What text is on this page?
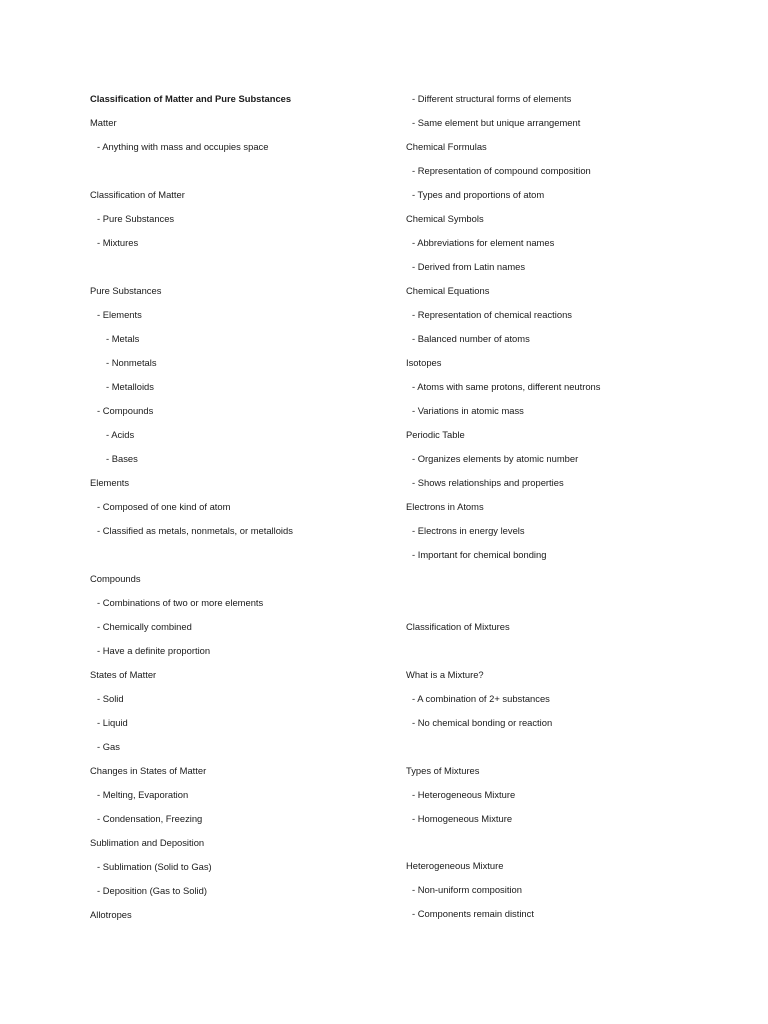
Classification of Matter and Pure Substances
Matter
- Anything with mass and occupies space
Classification of Matter
- Pure Substances
- Mixtures
Pure Substances
- Elements
- Metals
- Nonmetals
- Metalloids
- Compounds
- Acids
- Bases
Elements
- Composed of one kind of atom
- Classified as metals, nonmetals, or metalloids
Compounds
- Combinations of two or more elements
- Chemically combined
- Have a definite proportion
States of Matter
- Solid
- Liquid
- Gas
Changes in States of Matter
- Melting, Evaporation
- Condensation, Freezing
Sublimation and Deposition
- Sublimation (Solid to Gas)
- Deposition (Gas to Solid)
Allotropes
- Different structural forms of elements
- Same element but unique arrangement
Chemical Formulas
- Representation of compound composition
- Types and proportions of atom
Chemical Symbols
- Abbreviations for element names
- Derived from Latin names
Chemical Equations
- Representation of chemical reactions
- Balanced number of atoms
Isotopes
- Atoms with same protons, different neutrons
- Variations in atomic mass
Periodic Table
- Organizes elements by atomic number
- Shows relationships and properties
Electrons in Atoms
- Electrons in energy levels
- Important for chemical bonding
Classification of Mixtures
What is a Mixture?
- A combination of 2+ substances
- No chemical bonding or reaction
Types of Mixtures
- Heterogeneous Mixture
- Homogeneous Mixture
Heterogeneous Mixture
- Non-uniform composition
- Components remain distinct
